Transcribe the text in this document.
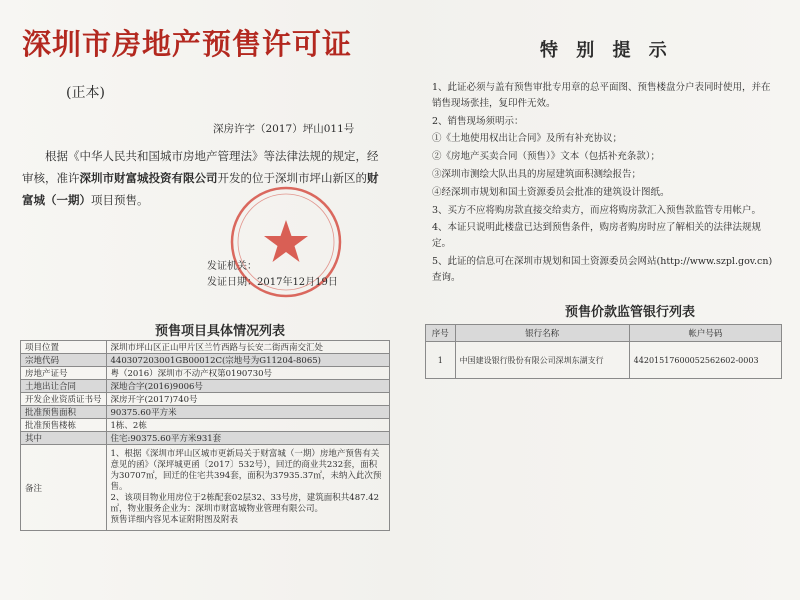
深圳市房地产预售许可证
(正本)
深房许字（2017）坪山011号
根据《中华人民共和国城市房地产管理法》等法律法规的规定，经审核，准许深圳市财富城投资有限公司开发的位于深圳市坪山新区的财富城（一期）项目预售。
发证机关：
发证日期：2017年12月19日
预售项目具体情况列表
项目位置	深圳市坪山区正山甲片区兰竹西路与长安二街西南交汇处
宗地代码	440307203001GB00012C(宗地号为G11204-8065)
房地产证号	粤（2016）深圳市不动产权第0190730号
土地出让合同	深地合字(2016)9006号
开发企业资质证书号	深房开字(2017)740号
批准预售面积	90375.60平方米
批准预售楼栋	1栋、2栋
其中	住宅:90375.60平方米931套
备注	1、根据《深圳市坪山区城市更新局关于财富城（一期）房地产预售有关意见的函》（深坪城更函〔2017〕532号），回迁的商业共232套，面积为30707㎡，回迁的住宅共394套，面积为37935.37㎡，未纳入此次预售。
2、该项目物业用房位于2栋配套02层32、33号房，建筑面积共487.42㎡，物业服务企业为：深圳市财富城物业管理有限公司。
预售详细内容见本证附附图及附表
特 别 提 示

1、此证必须与盖有预售审批专用章的总平面图、预售楼盘分户表同时使用，并在销售现场张挂，复印件无效。

2、销售现场须明示：

①《土地使用权出让合同》及所有补充协议；

②《房地产买卖合同（预售）》文本（包括补充条款）；

③深圳市测绘大队出具的房屋建筑面积测绘报告；

④经深圳市规划和国土资源委员会批准的建筑设计图纸。

3、买方不应将购房款直接交给卖方，而应将购房款汇入预售款监管专用帐户。

4、本证只说明此楼盘已达到预售条件，购房者购房时应了解相关的法律法规规定。

5、此证的信息可在深圳市规划和国土资源委员会网站(http://www.szpl.gov.cn)查询。

预售价款监管银行列表
序号	银行名称	帐户号码
1	中国建设银行股份有限公司深圳东湖支行	44201517600052562602-0003
